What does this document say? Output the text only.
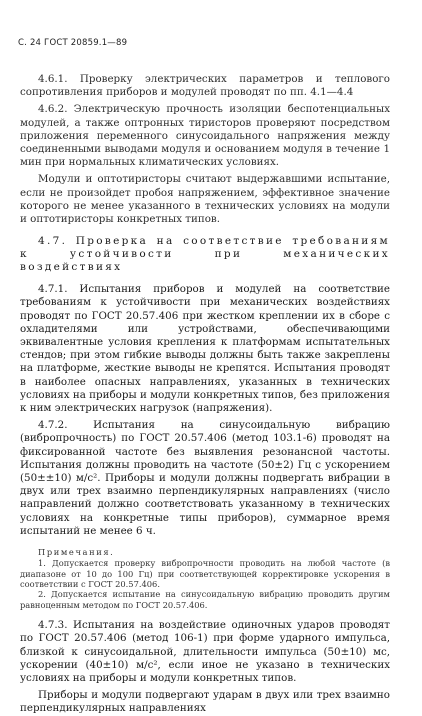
С. 24 ГОСТ 20859.1—89

4.6.1. Проверку электрических параметров и теплового сопротивления приборов и модулей проводят по пп. 4.1—4.4

4.6.2. Электрическую прочность изоляции беспотенциальных модулей, а также оптронных тиристоров проверяют посредством приложения переменного синусоидального напряжения между соединенными выводами модуля и основанием модуля в течение 1 мин при нормальных климатических условиях.

Модули и оптотиристоры считают выдержавшими испытание, если не произойдет пробоя напряжением, эффективное значение которого не менее указанного в технических условиях на модули и оптотиристоры конкретных типов.

4.7. Проверка на соответствие требованиям к устойчивости при механических воздействиях

4.7.1. Испытания приборов и модулей на соответствие требованиям к устойчивости при механических воздействиях проводят по ГОСТ 20.57.406 при жестком креплении их в сборе с охладителями или устройствами, обеспечивающими эквивалентные условия крепления к платформам испытательных стендов; при этом гибкие выводы должны быть также закреплены на платформе, жесткие выводы не крепятся. Испытания проводят в наиболее опасных направлениях, указанных в технических условиях на приборы и модули конкретных типов, без приложения к ним электрических нагрузок (напряжения).

4.7.2. Испытания на синусоидальную вибрацию (вибропрочность) по ГОСТ 20.57.406 (метод 103.1-6) проводят на фиксированной частоте без выявления резонансной частоты. Испытания должны проводить на частоте (50±2) Гц с ускорением (50±±10) м/с². Приборы и модули должны подвергать вибрации в двух или трех взаимно перпендикулярных направлениях (число направлений должно соответствовать указанному в технических условиях на конкретные типы приборов), суммарное время испытаний не менее 6 ч.

Примечания.

1. Допускается проверку вибропрочности проводить на любой частоте (в диапазоне от 10 до 100 Гц) при соответствующей корректировке ускорения в соответствии с ГОСТ 20.57.406.

2. Допускается испытание на синусоидальную вибрацию проводить другим равноценным методом по ГОСТ 20.57.406.

4.7.3. Испытания на воздействие одиночных ударов проводят по ГОСТ 20.57.406 (метод 106-1) при форме ударного импульса, близкой к синусоидальной, длительности импульса (50±10) мс, ускорении (40±10) м/с², если иное не указано в технических условиях на приборы и модули конкретных типов.

Приборы и модули подвергают ударам в двух или трех взаимно перпендикулярных направлениях
